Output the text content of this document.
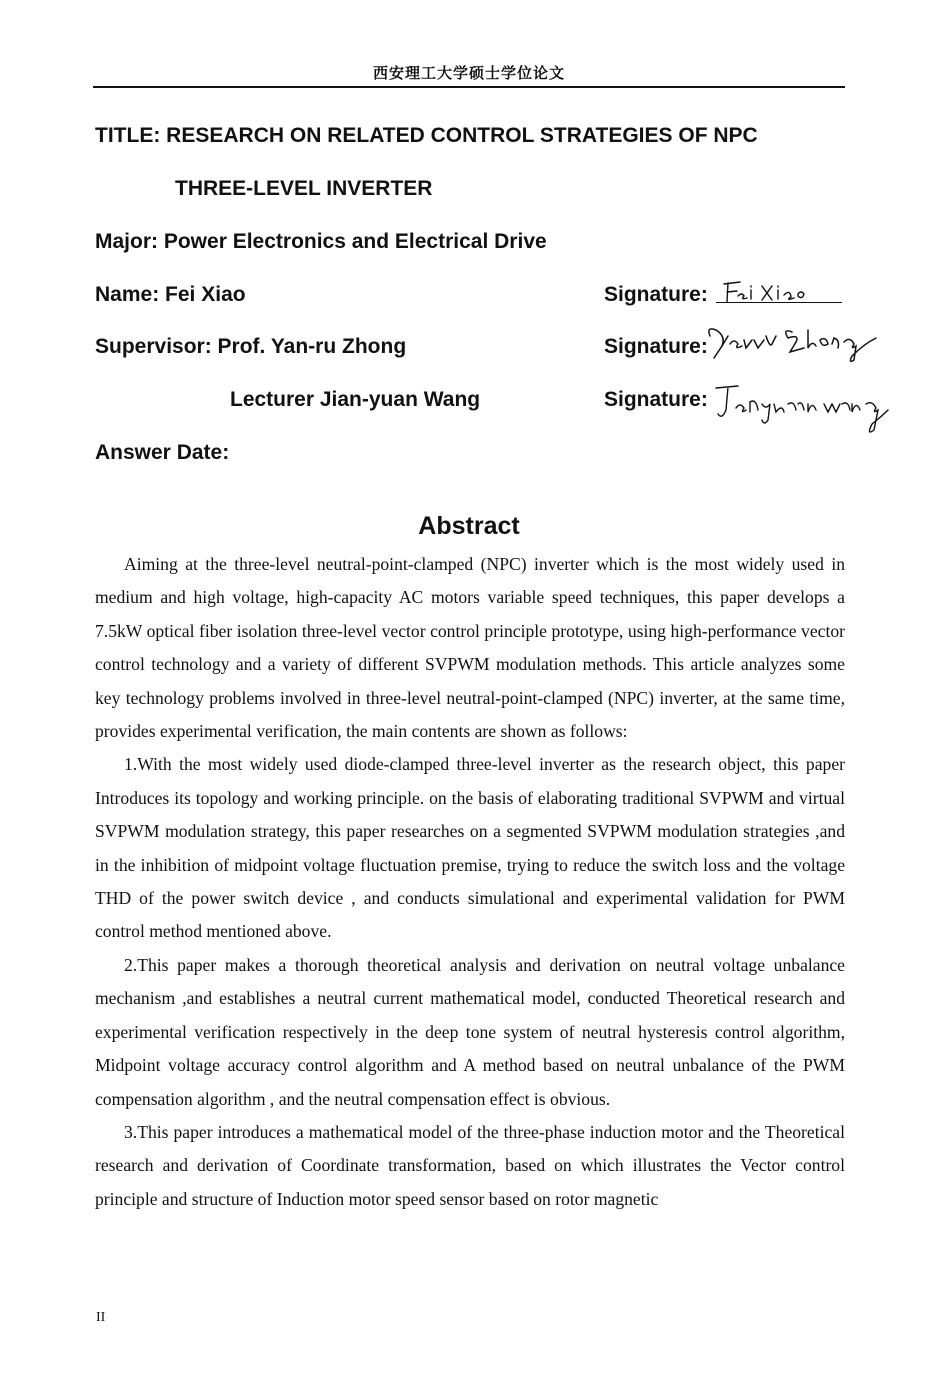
西安理工大学硕士学位论文
TITLE: RESEARCH ON RELATED CONTROL STRATEGIES OF NPC
THREE-LEVEL INVERTER
Major: Power Electronics and Electrical Drive
Name: Fei Xiao
Supervisor: Prof. Yan-ru Zhong
Lecturer Jian-yuan Wang
Answer Date:
Signature:
Signature:
Signature:
Abstract

Aiming at the three-level neutral-point-clamped (NPC) inverter which is the most widely used in medium and high voltage, high-capacity AC motors variable speed techniques, this paper develops a 7.5kW optical fiber isolation three-level vector control principle prototype, using high-performance vector control technology and a variety of different SVPWM modulation methods. This article analyzes some key technology problems involved in three-level neutral-point-clamped (NPC) inverter, at the same time, provides experimental verification, the main contents are shown as follows:

1.With the most widely used diode-clamped three-level inverter as the research object, this paper Introduces its topology and working principle. on the basis of elaborating traditional SVPWM and virtual SVPWM modulation strategy, this paper researches on a segmented SVPWM modulation strategies ,and in the inhibition of midpoint voltage fluctuation premise, trying to reduce the switch loss and the voltage THD of the power switch device , and conducts simulational and experimental validation for PWM control method mentioned above.

2.This paper makes a thorough theoretical analysis and derivation on neutral voltage unbalance mechanism ,and establishes a neutral current mathematical model, conducted Theoretical research and experimental verification respectively in the deep tone system of neutral hysteresis control algorithm, Midpoint voltage accuracy control algorithm and A method based on neutral unbalance of the PWM compensation algorithm , and the neutral compensation effect is obvious.

3.This paper introduces a mathematical model of the three-phase induction motor and the Theoretical research and derivation of Coordinate transformation, based on which illustrates the Vector control principle and structure of Induction motor speed sensor based on rotor magnetic

II
